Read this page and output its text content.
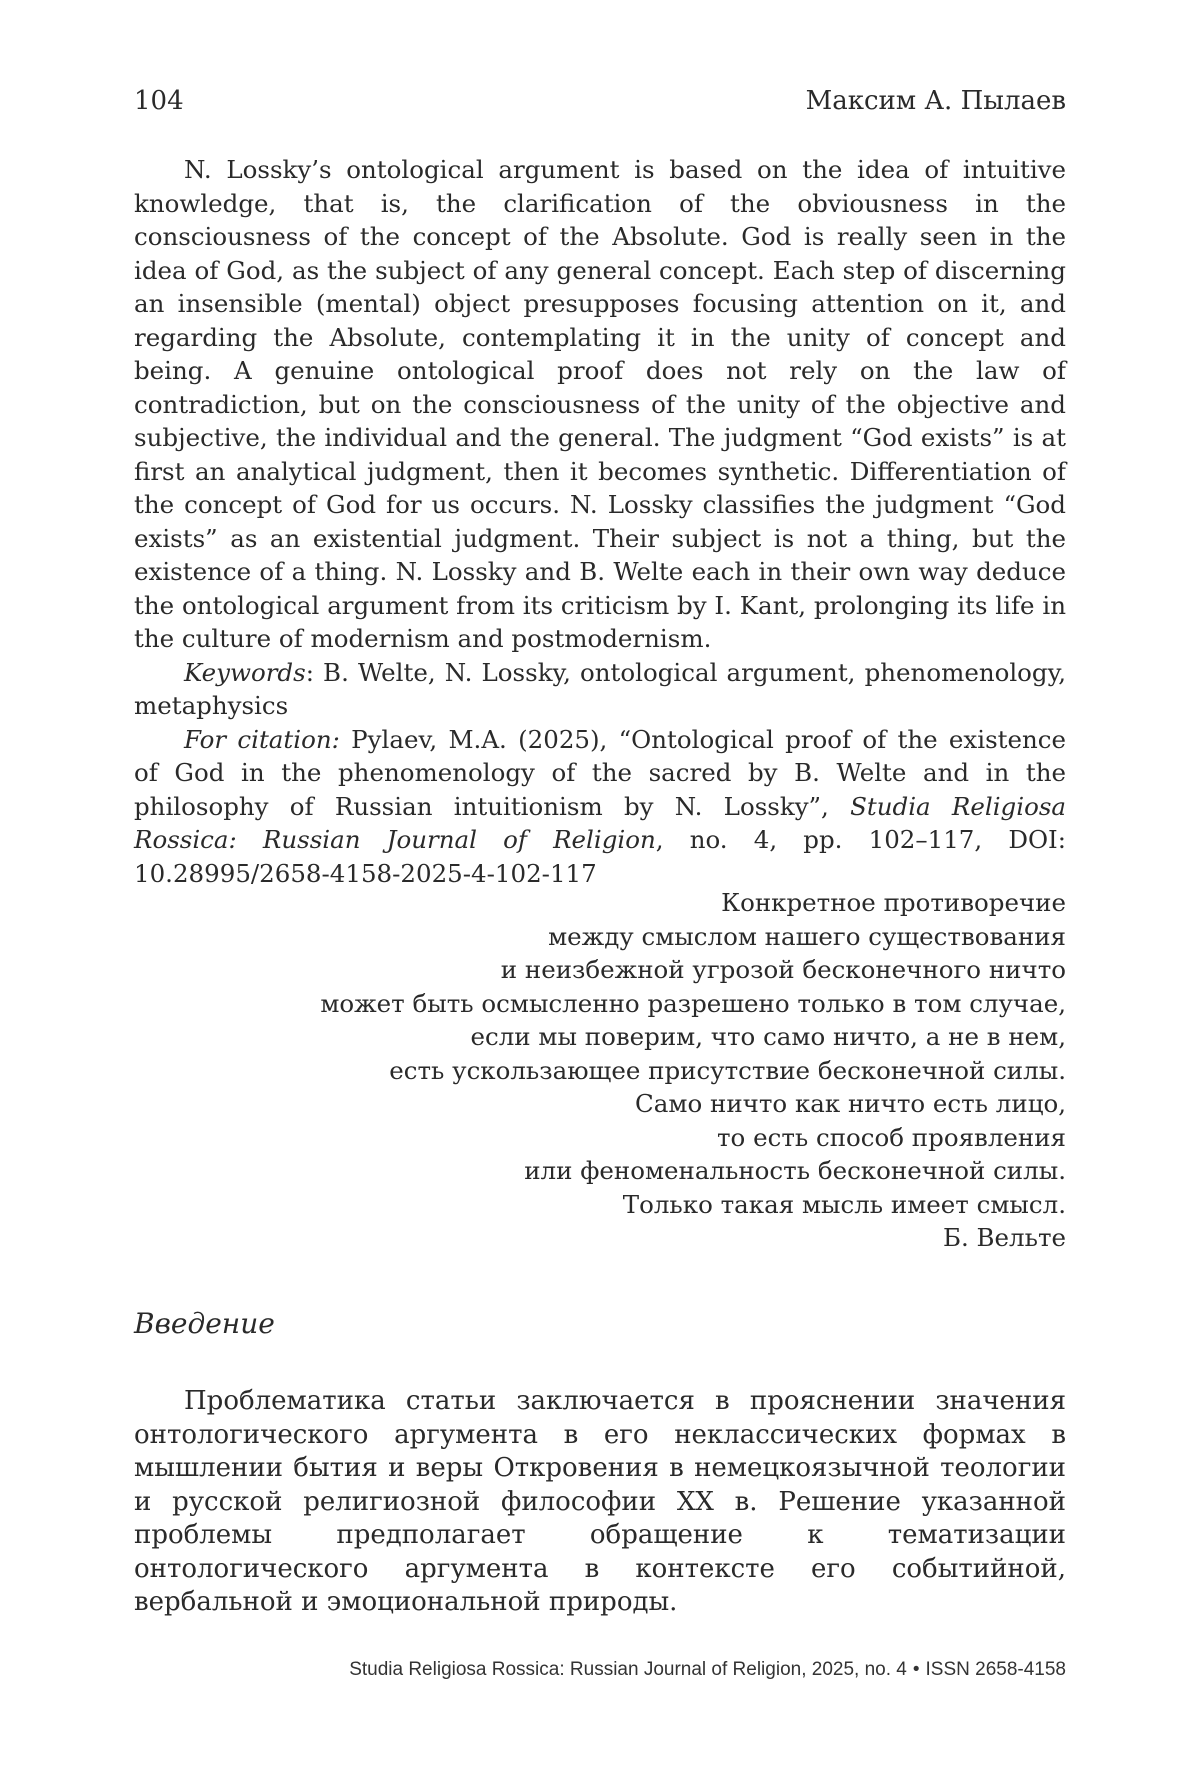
104	Максим А. Пылаев

N. Lossky’s ontological argument is based on the idea of intuitive knowledge, that is, the clarification of the obviousness in the consciousness of the concept of the Absolute. God is really seen in the idea of God, as the subject of any general concept. Each step of discerning an insensible (mental) object presupposes focusing attention on it, and regarding the Absolute, contemplating it in the unity of concept and being. A genuine ontological proof does not rely on the law of contradiction, but on the consciousness of the unity of the objective and subjective, the individual and the general. The judgment “God exists” is at first an analytical judgment, then it becomes synthetic. Differentiation of the concept of God for us occurs. N. Lossky classifies the judgment “God exists” as an existential judgment. Their subject is not a thing, but the existence of a thing. N. Lossky and B. Welte each in their own way deduce the ontological argument from its criticism by I. Kant, prolonging its life in the culture of modernism and postmodernism.

Keywords: B. Welte, N. Lossky, ontological argument, phenomenology, metaphysics

For citation: Pylaev, M.A. (2025), “Ontological proof of the existence of God in the phenomenology of the sacred by B. Welte and in the philosophy of Russian intuitionism by N. Lossky”, Studia Religiosa Rossica: Russian Journal of Religion, no. 4, pp. 102–117, DOI: 10.28995/2658-4158-2025-4-102-117

Конкретное противоречие
между смыслом нашего существования
и неизбежной угрозой бесконечного ничто
может быть осмысленно разрешено только в том случае,
если мы поверим, что само ничто, а не в нем,
есть ускользающее присутствие бесконечной силы.
Само ничто как ничто есть лицо,
то есть способ проявления
или феноменальность бесконечной силы.
Только такая мысль имеет смысл.
Б. Вельте
Введение

Проблематика статьи заключается в прояснении значения онтологического аргумента в его неклассических формах в мышлении бытия и веры Откровения в немецкоязычной теологии и русской религиозной философии XX в. Решение указанной проблемы предполагает обращение к тематизации онтологического аргумента в контексте его событийной, вербальной и эмоциональной природы.

Studia Religiosa Rossica: Russian Journal of Religion, 2025, no. 4 • ISSN 2658-4158
